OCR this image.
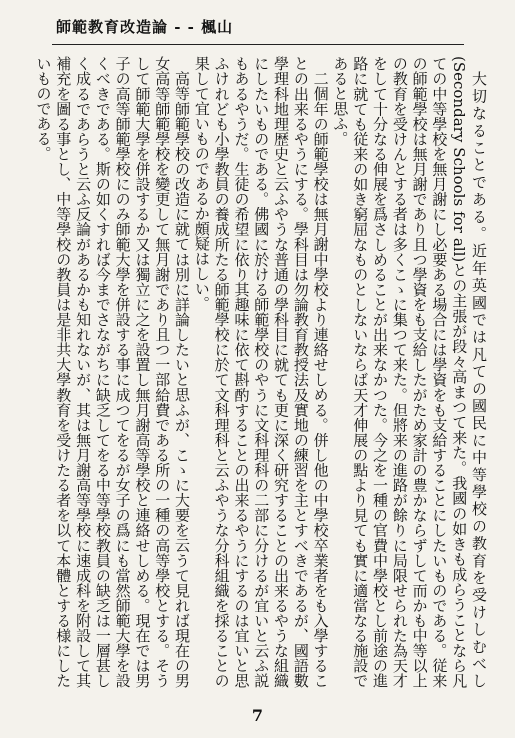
師範教育改造論 ‐ ‐ 楓山

大切なることである。近年英國では凡ての國民に中等學校の教育を受けしむべし(Secondary Schools for all)との主張が段々高まつて来た。我國の如きも成らうことなら凡ての中等學校を無月謝にし必要ある場合には學資をも支給することにしたいものである。従来の師範學校は無月謝であり且つ學資をも支給したがため家計の豊かならずして而かも中等以上の教育を受けんとする者は多くこゝに集つて来た。但將来の進路が餘りに局限せられた為天才をして十分なる伸展を爲さしめることが出来なかつた。今之を一種の官費中學校とし前途の進路に就ても従来の如き窮屈なものとしないならば天才伸展の點より見ても實に適當なる施設であると思ふ。

二個年の師範學校は無月謝中學校より連絡せしめる。併し他の中學校卒業者をも入學することの出来るやうにする。學科目は勿論教育教授法及實地の練習を主とすべきであるが、國語數學理科地理歴史と云ふやうな普通の學科目に就ても更に深く研究することの出来るやうな組織にしたいものである。佛國に於ける師範學校のやうに文科理科の二部に分けるが宜いと云ふ説もあるやうだ。生徒の希望に依り其趣味に依て斟酌することの出来るやうにするのは宜いと思ふけれども小學教員の養成所たる師範學校に於て文科理科と云ふやうな分科組織を採ることの果して宜いものであるか頗疑はしい。

高等師範學校の改造に就ては別に詳論したいと思ふが、こゝに大要を云うて見れば現在の男女高等師範學校を變更して無月謝であり且つ一部給費である所の一種の高等學校とする。そうして師範大學を併設するか又は獨立に之を設置し無月謝高等學校と連絡せしめる。現在では男子の高等師範學校にのみ師範大學を併設する事に成つてをるが女子の爲にも當然師範大學を設くべきである。斯の如くすれば今までさながちに缺乏してをる中等學校教員の缺乏は一層甚しく成るであらうと云ふ反論があるかも知れないが、其は無月謝高等學校に速成科を附設して其補充を圖る事とし、中等學校の教員は是非共大學教育を受けたる者を以て本體とする様にしたいものである。

7
